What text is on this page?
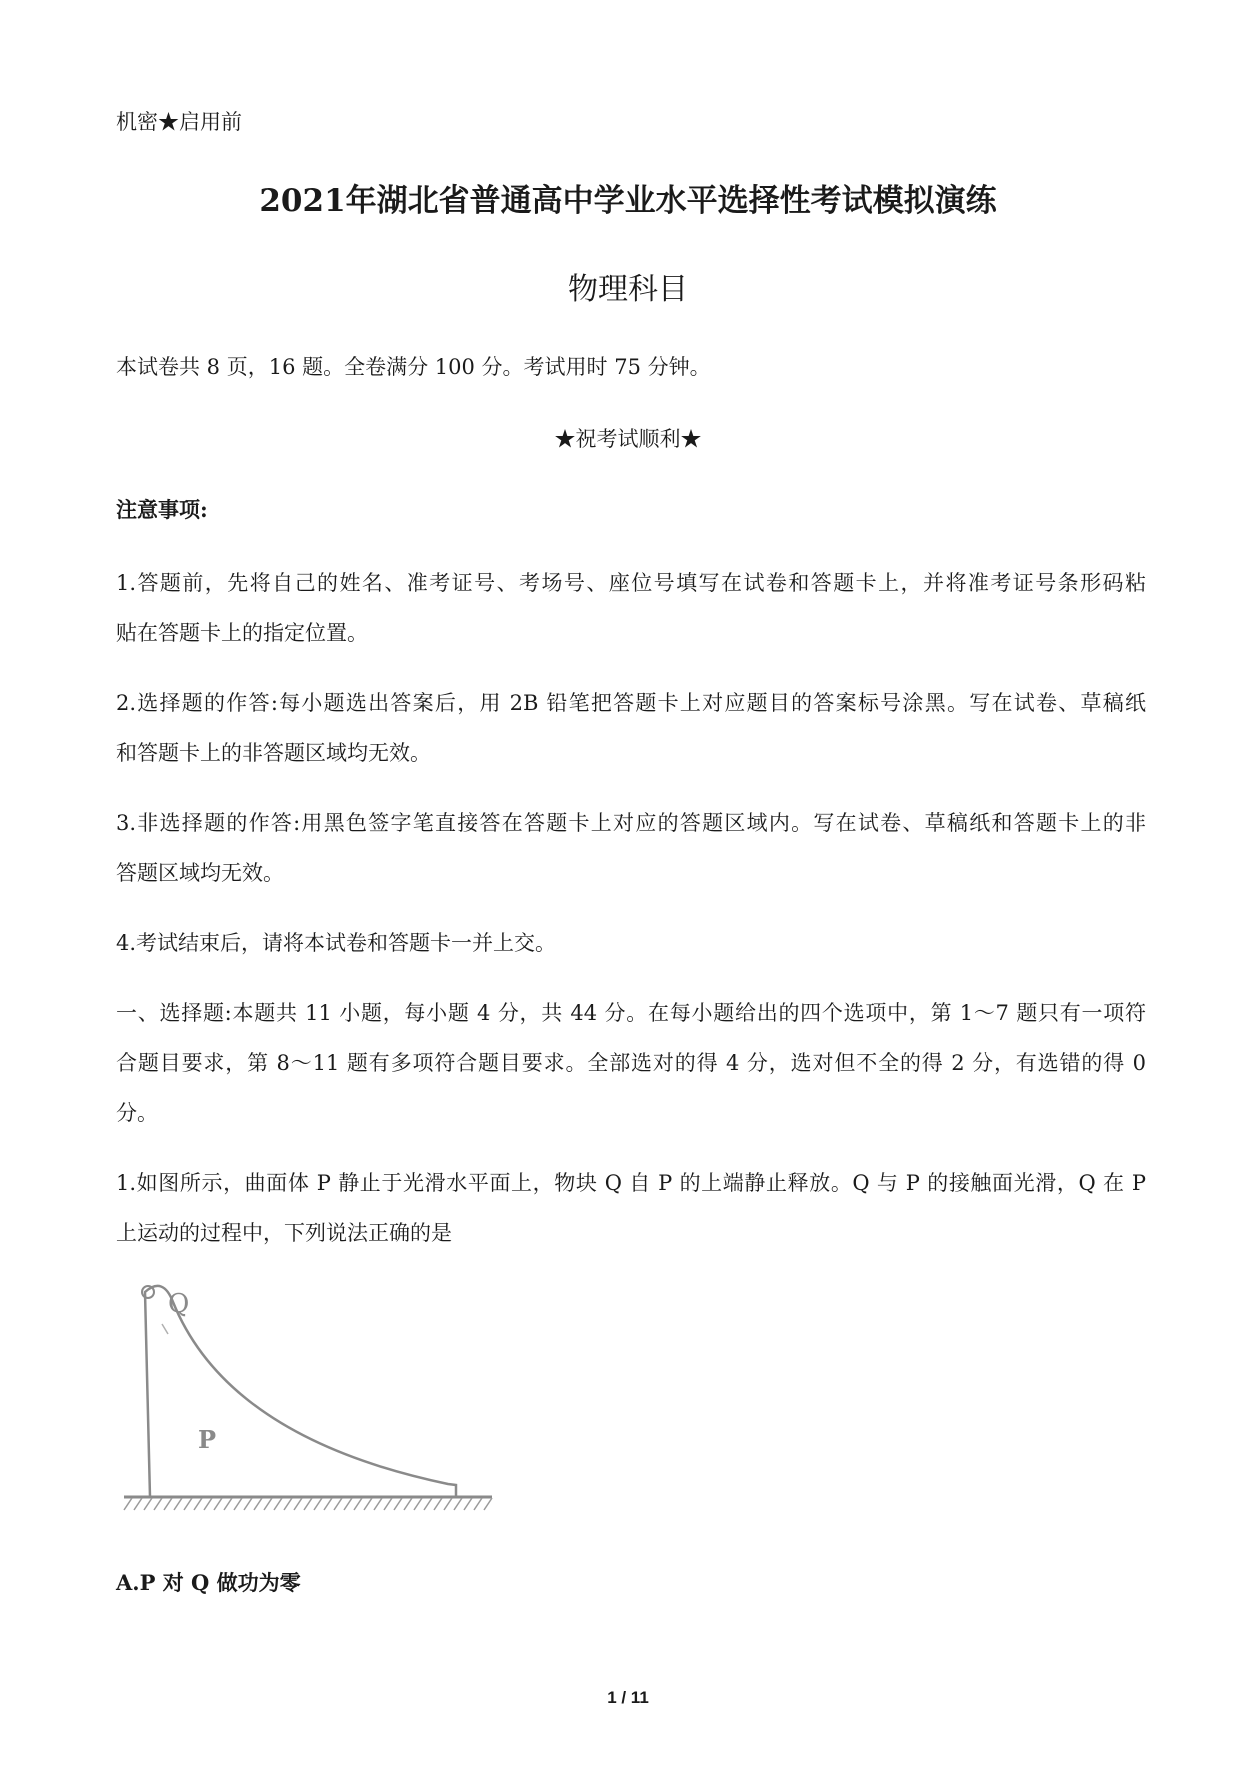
机密★启用前
2021年湖北省普通高中学业水平选择性考试模拟演练
物理科目
本试卷共 8 页，16 题。全卷满分 100 分。考试用时 75 分钟。
★祝考试顺利★
注意事项:
1.答题前，先将自己的姓名、准考证号、考场号、座位号填写在试卷和答题卡上，并将准考证号条形码粘
贴在答题卡上的指定位置。
2.选择题的作答:每小题选出答案后，用 2B 铅笔把答题卡上对应题目的答案标号涂黑。写在试卷、草稿纸
和答题卡上的非答题区域均无效。
3.非选择题的作答:用黑色签字笔直接答在答题卡上对应的答题区域内。写在试卷、草稿纸和答题卡上的非
答题区域均无效。
4.考试结束后，请将本试卷和答题卡一并上交。
一、选择题:本题共 11 小题，每小题 4 分，共 44 分。在每小题给出的四个选项中，第 1～7 题只有一项符
合题目要求，第 8～11 题有多项符合题目要求。全部选对的得 4 分，选对但不全的得 2 分，有选错的得 0
分。
1.如图所示，曲面体 P 静止于光滑水平面上，物块 Q 自 P 的上端静止释放。Q 与 P 的接触面光滑，Q 在 P
上运动的过程中，下列说法正确的是
Q
P
A.P 对 Q 做功为零
1 / 11
